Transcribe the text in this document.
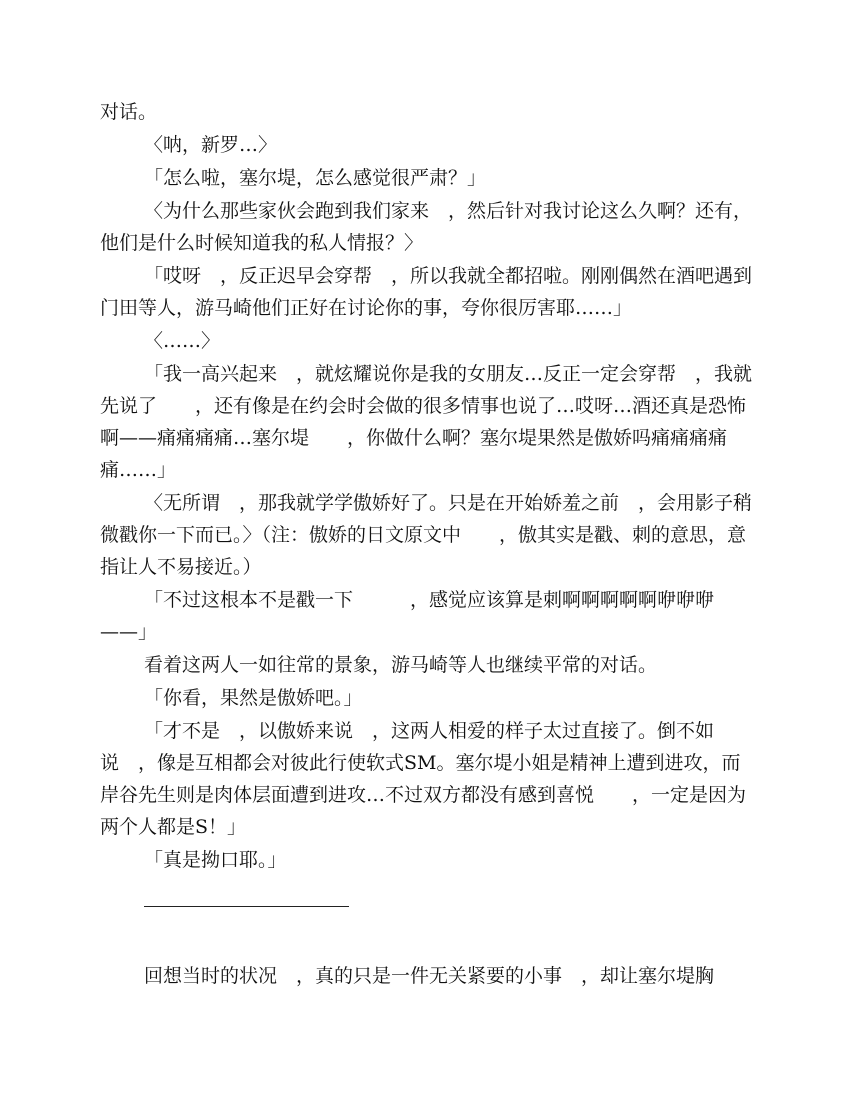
对话。

〈呐，新罗…〉

「怎么啦，塞尔堤，怎么感觉很严肃？」

〈为什么那些家伙会跑到我们家来　，然后针对我讨论这么久啊？还有，他们是什么时候知道我的私人情报？〉

「哎呀　，反正迟早会穿帮　，所以我就全都招啦。刚刚偶然在酒吧遇到门田等人，游马崎他们正好在讨论你的事，夸你很厉害耶……」

〈……〉

「我一高兴起来　，就炫耀说你是我的女朋友…反正一定会穿帮　，我就先说了　　，还有像是在约会时会做的很多情事也说了…哎呀…酒还真是恐怖啊——痛痛痛痛…塞尔堤　　，你做什么啊？塞尔堤果然是傲娇吗痛痛痛痛痛……」

〈无所谓　，那我就学学傲娇好了。只是在开始娇羞之前　，会用影子稍微戳你一下而已。〉（注：傲娇的日文原文中　　，傲其实是戳、刺的意思，意指让人不易接近。）

「不过这根本不是戳一下　　　，感觉应该算是刺啊啊啊啊啊咿咿咿——」

看着这两人一如往常的景象，游马崎等人也继续平常的对话。

「你看，果然是傲娇吧。」

「才不是　，以傲娇来说　，这两人相爱的样子太过直接了。倒不如说　，像是互相都会对彼此行使软式SM。塞尔堤小姐是精神上遭到进攻，而岸谷先生则是肉体层面遭到进攻…不过双方都没有感到喜悦　　，一定是因为两个人都是S！」

「真是拗口耶。」

回想当时的状况　，真的只是一件无关紧要的小事　，却让塞尔堤胸
